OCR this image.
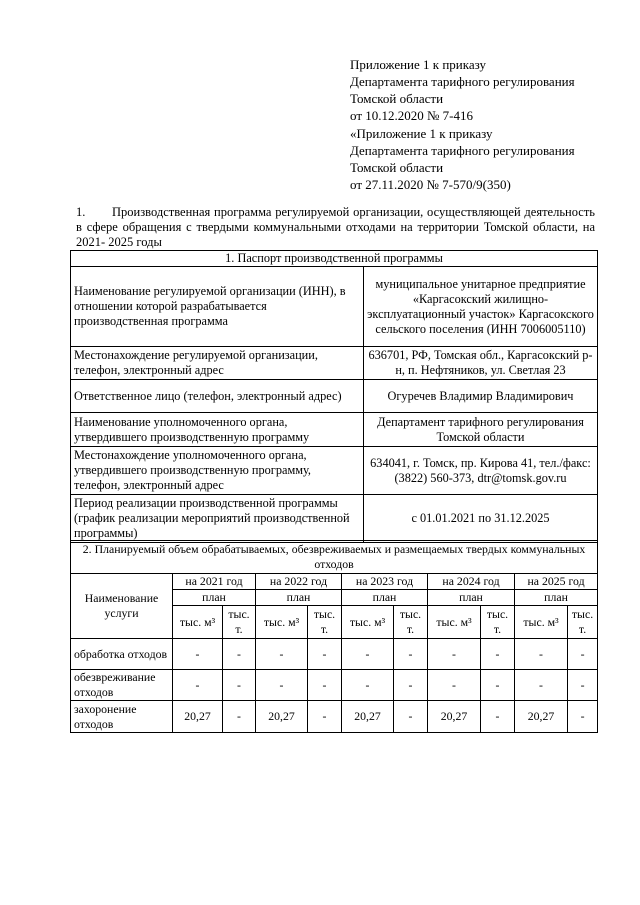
Приложение 1 к приказу
Департамента тарифного регулирования
Томской области
от 10.12.2020 № 7-416
«Приложение 1 к приказу
Департамента тарифного регулирования
Томской области
от 27.11.2020 № 7-570/9(350)
1. Производственная программа регулируемой организации, осуществляющей деятельность в сфере обращения с твердыми коммунальными отходами на территории Томской области, на 2021- 2025 годы
1. Паспорт производственной программы	
Наименование регулируемой организации (ИНН), в отношении которой разрабатывается производственная программа	муниципальное унитарное предприятие «Каргасокский жилищно-эксплуатационный участок» Каргасокского сельского поселения (ИНН 7006005110)
Местонахождение регулируемой организации, телефон, электронный адрес	636701, РФ, Томская обл., Каргасокский р-н, п. Нефтяников, ул. Светлая 23
Ответственное лицо (телефон, электронный адрес)	Огуречев Владимир Владимирович
Наименование уполномоченного органа, утвердившего производственную программу	Департамент тарифного регулирования Томской области
Местонахождение уполномоченного органа, утвердившего производственную программу, телефон, электронный адрес	634041, г. Томск, пр. Кирова 41, тел./факс: (3822) 560-373, dtr@tomsk.gov.ru
Период реализации производственной программы (график реализации мероприятий производственной программы)	с 01.01.2021 по 31.12.2025
2. Планируемый объем обрабатываемых, обезвреживаемых и размещаемых твердых коммунальных отходов										
Наименование услуги	на 2021 год		на 2022 год		на 2023 год		на 2024 год		на 2025 год	
	план		план		план		план		план	
	тыс. м³	тыс. т.	тыс. м³	тыс. т.	тыс. м³	тыс. т.	тыс. м³	тыс. т.	тыс. м³	тыс. т.
обработка отходов	-	-	-	-	-	-	-	-	-	-
обезвреживание отходов	-	-	-	-	-	-	-	-	-	-
захоронение отходов	20,27	-	20,27	-	20,27	-	20,27	-	20,27	-
